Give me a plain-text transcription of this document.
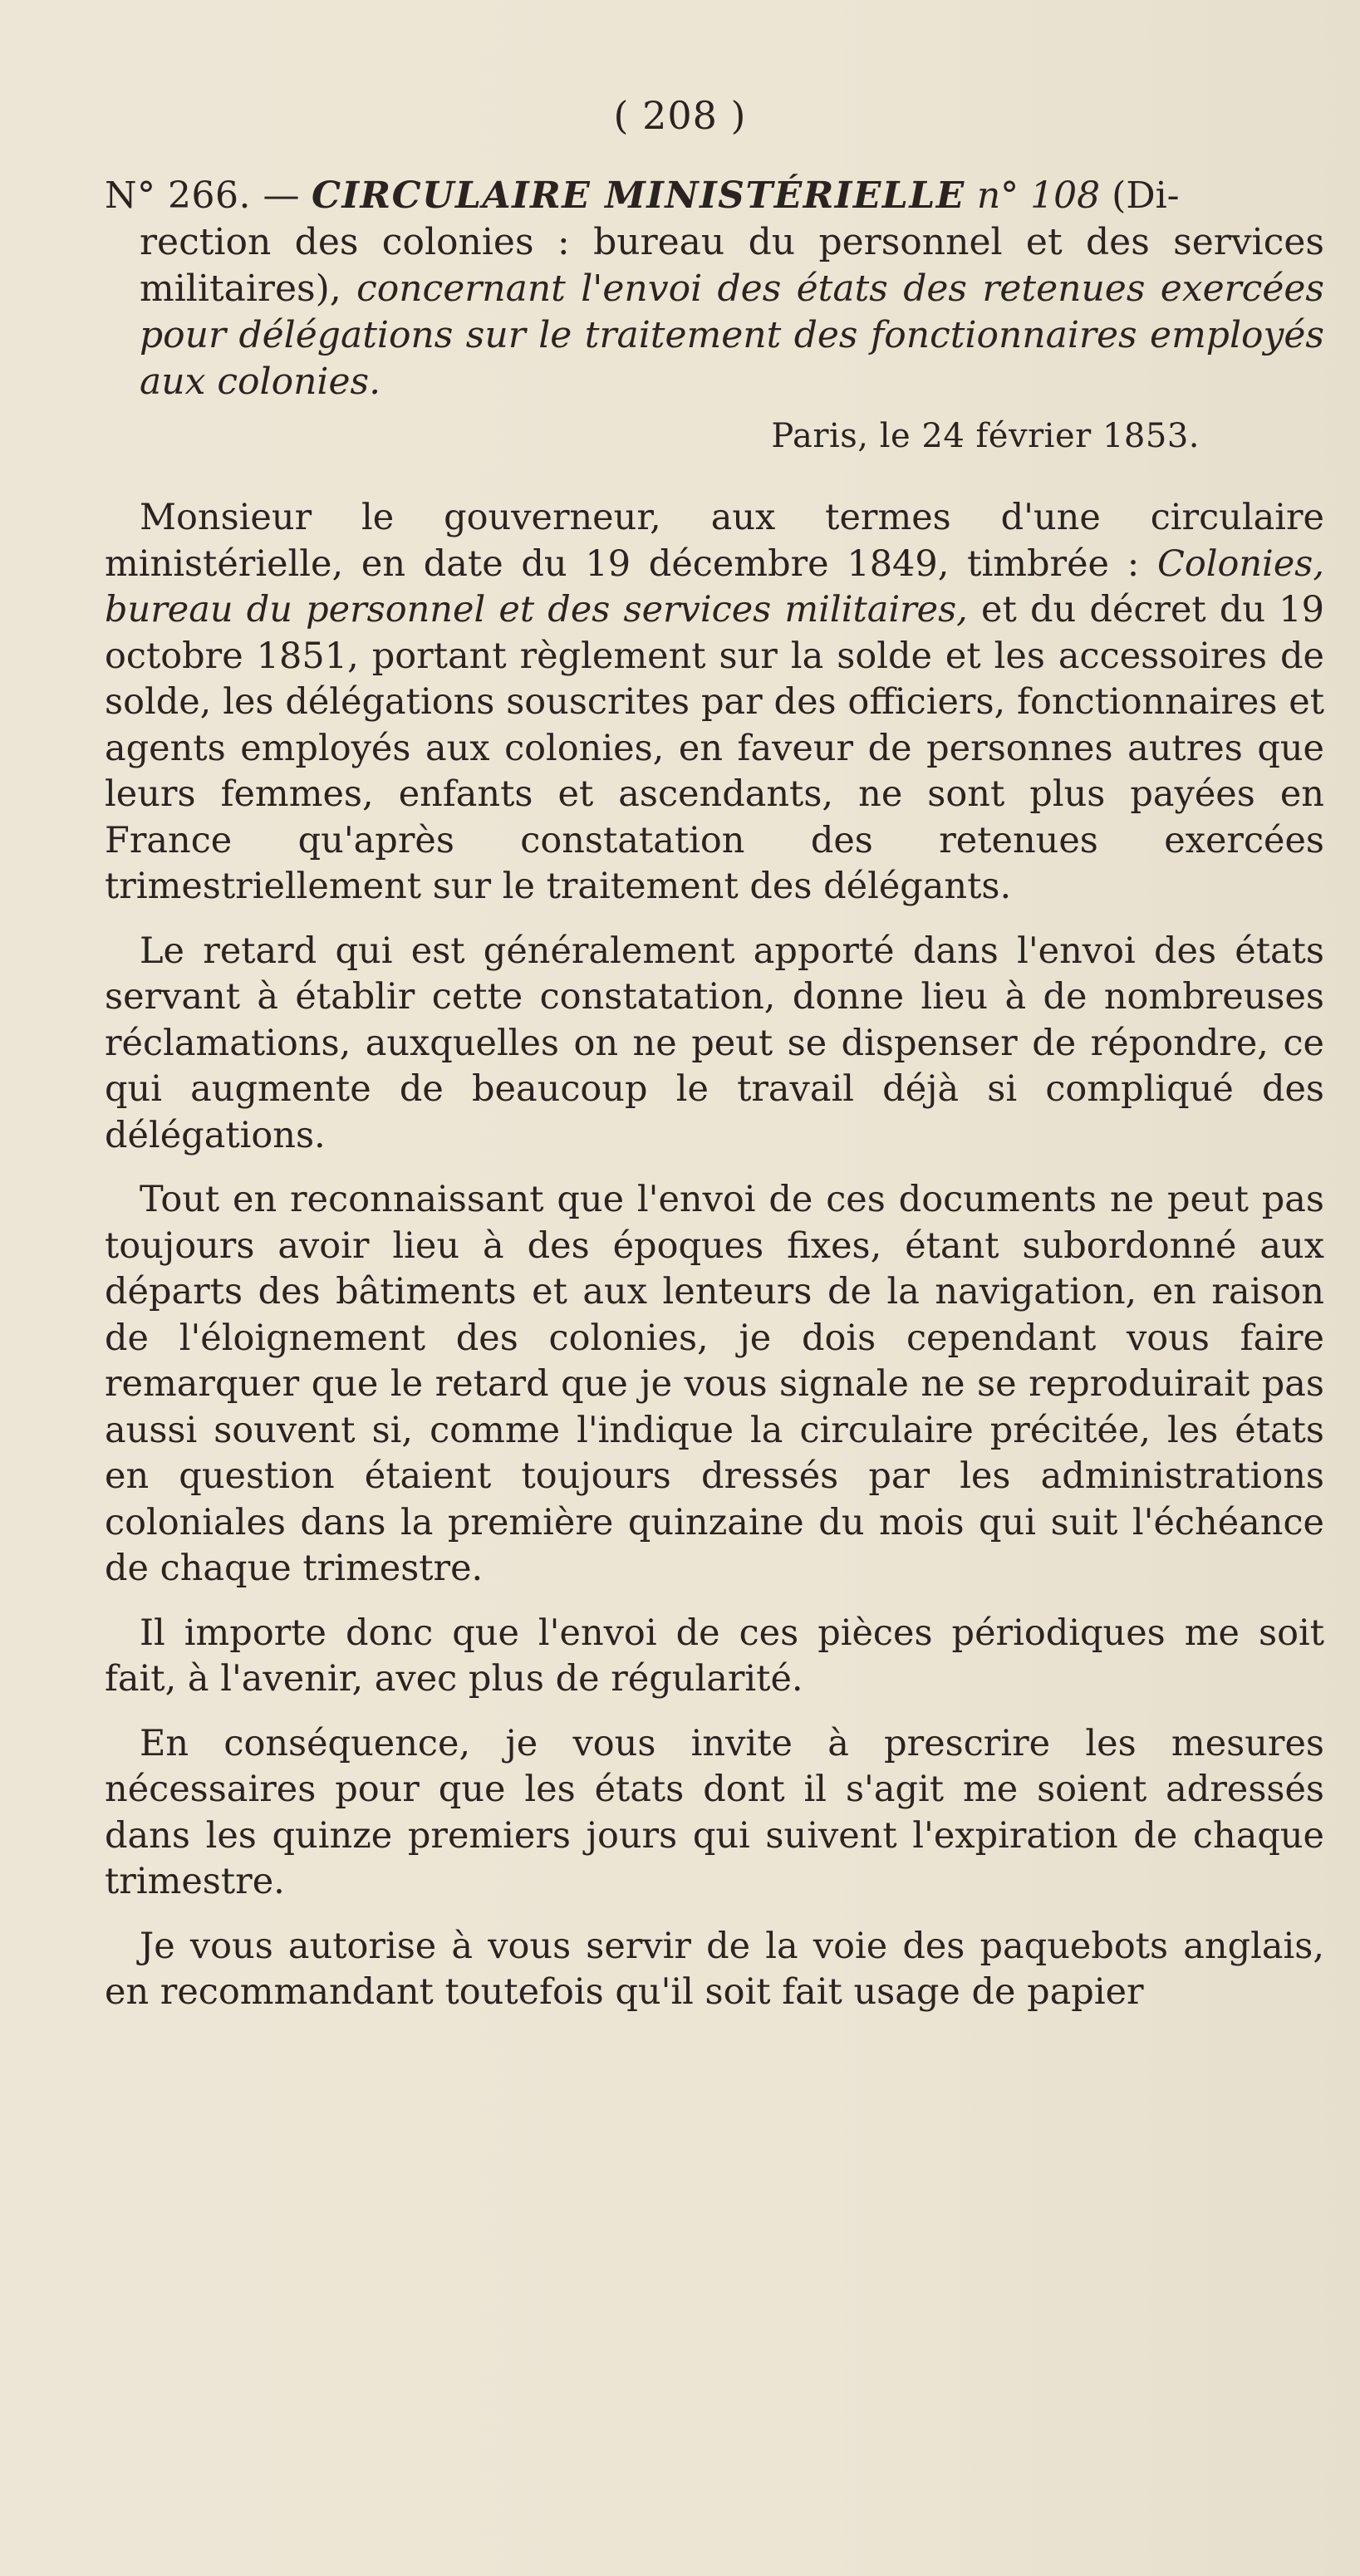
( 208 )

N° 266. — CIRCULAIRE MINISTÉRIELLE n° 108 (Di-
rection des colonies : bureau du personnel et des services militaires), concernant l'envoi des états des retenues exercées pour délégations sur le traitement des fonctionnaires employés aux colonies.

Paris, le 24 février 1853.

Monsieur le gouverneur, aux termes d'une circulaire ministérielle, en date du 19 décembre 1849, timbrée : Colonies, bureau du personnel et des services militaires, et du décret du 19 octobre 1851, portant règlement sur la solde et les accessoires de solde, les délégations souscrites par des officiers, fonctionnaires et agents employés aux colonies, en faveur de personnes autres que leurs femmes, enfants et ascendants, ne sont plus payées en France qu'après constatation des retenues exercées trimestriellement sur le traitement des délégants.

Le retard qui est généralement apporté dans l'envoi des états servant à établir cette constatation, donne lieu à de nombreuses réclamations, auxquelles on ne peut se dispenser de répondre, ce qui augmente de beaucoup le travail déjà si compliqué des délégations.

Tout en reconnaissant que l'envoi de ces documents ne peut pas toujours avoir lieu à des époques fixes, étant subordonné aux départs des bâtiments et aux lenteurs de la navigation, en raison de l'éloignement des colonies, je dois cependant vous faire remarquer que le retard que je vous signale ne se reproduirait pas aussi souvent si, comme l'indique la circulaire précitée, les états en question étaient toujours dressés par les administrations coloniales dans la première quinzaine du mois qui suit l'échéance de chaque trimestre.

Il importe donc que l'envoi de ces pièces périodiques me soit fait, à l'avenir, avec plus de régularité.

En conséquence, je vous invite à prescrire les mesures nécessaires pour que les états dont il s'agit me soient adressés dans les quinze premiers jours qui suivent l'expiration de chaque trimestre.

Je vous autorise à vous servir de la voie des paquebots anglais, en recommandant toutefois qu'il soit fait usage de papier
